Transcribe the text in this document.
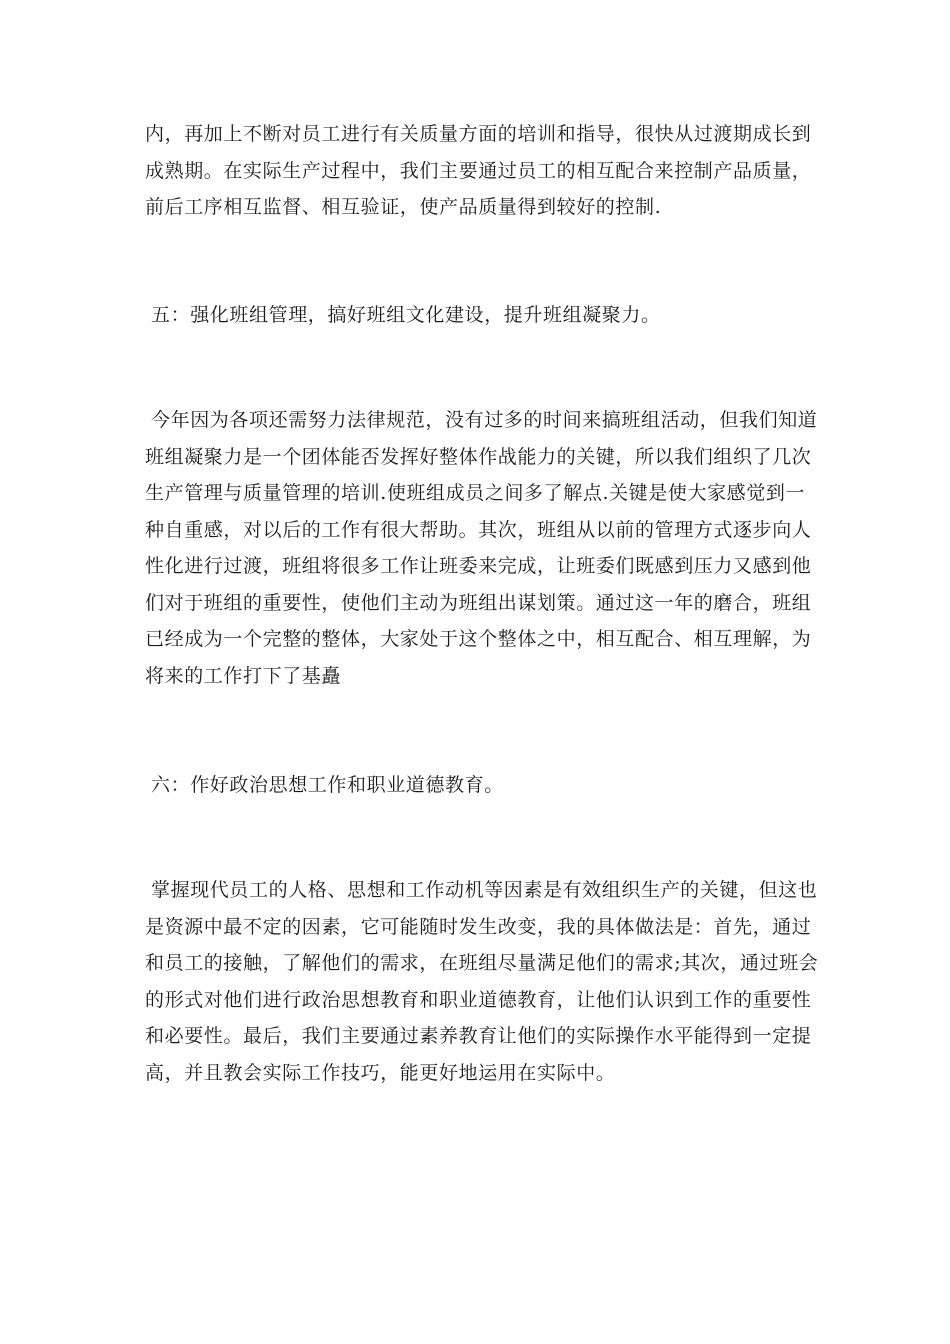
内，再加上不断对员工进行有关质量方面的培训和指导，很快从过渡期成长到
成熟期。在实际生产过程中，我们主要通过员工的相互配合来控制产品质量，
前后工序相互监督、相互验证，使产品质量得到较好的控制.
五：强化班组管理，搞好班组文化建设，提升班组凝聚力。
今年因为各项还需努力法律规范，没有过多的时间来搞班组活动，但我们知道
班组凝聚力是一个团体能否发挥好整体作战能力的关键，所以我们组织了几次
生产管理与质量管理的培训.使班组成员之间多了解点.关键是使大家感觉到一
种自重感，对以后的工作有很大帮助。其次，班组从以前的管理方式逐步向人
性化进行过渡，班组将很多工作让班委来完成，让班委们既感到压力又感到他
们对于班组的重要性，使他们主动为班组出谋划策。通过这一年的磨合，班组
已经成为一个完整的整体，大家处于这个整体之中，相互配合、相互理解，为
将来的工作打下了基矗
六：作好政治思想工作和职业道德教育。
掌握现代员工的人格、思想和工作动机等因素是有效组织生产的关键，但这也
是资源中最不定的因素，它可能随时发生改变，我的具体做法是：首先，通过
和员工的接触，了解他们的需求，在班组尽量满足他们的需求;其次，通过班会
的形式对他们进行政治思想教育和职业道德教育，让他们认识到工作的重要性
和必要性。最后，我们主要通过素养教育让他们的实际操作水平能得到一定提
高，并且教会实际工作技巧，能更好地运用在实际中。
